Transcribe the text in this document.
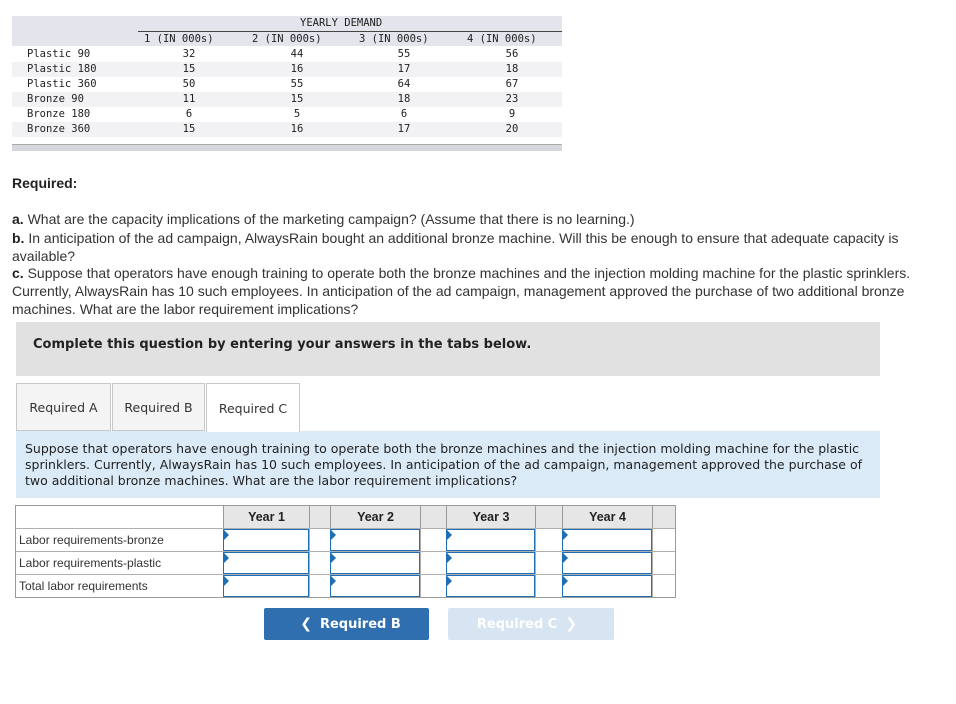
YEARLY DEMAND
1 (IN 000s)	2 (IN 000s)	3 (IN 000s)	4 (IN 000s)
Plastic 90	32	44	55	56
Plastic 180	15	16	17	18
Plastic 360	50	55	64	67
Bronze 90	11	15	18	23
Bronze 180	6	5	6	9
Bronze 360	15	16	17	20
Required:
a. What are the capacity implications of the marketing campaign? (Assume that there is no learning.)
b. In anticipation of the ad campaign, AlwaysRain bought an additional bronze machine. Will this be enough to ensure that adequate capacity is available?
c. Suppose that operators have enough training to operate both the bronze machines and the injection molding machine for the plastic sprinklers. Currently, AlwaysRain has 10 such employees. In anticipation of the ad campaign, management approved the purchase of two additional bronze machines. What are the labor requirement implications?
Complete this question by entering your answers in the tabs below.
Required A	Required B	Required C

Suppose that operators have enough training to operate both the bronze machines and the injection molding machine for the plastic sprinklers. Currently, AlwaysRain has 10 such employees. In anticipation of the ad campaign, management approved the purchase of two additional bronze machines. What are the labor requirement implications?

Year 1	Year 2	Year 3	Year 4
Labor requirements-bronze
Labor requirements-plastic
Total labor requirements
❮ Required B	Required C ❯
